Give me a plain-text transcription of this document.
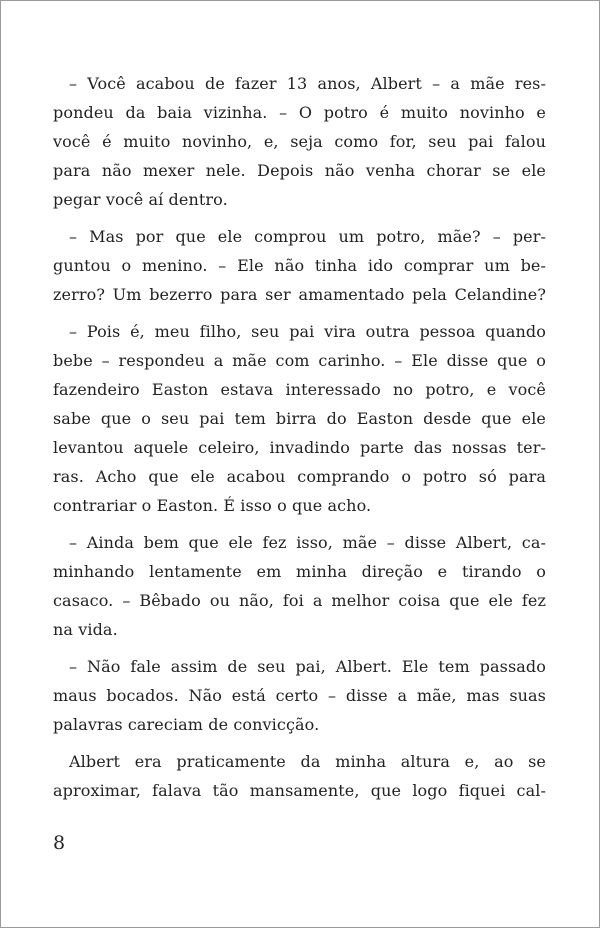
– Você acabou de fazer 13 anos, Albert – a mãe res-
pondeu da baia vizinha. – O potro é muito novinho e
você é muito novinho, e, seja como for, seu pai falou
para não mexer nele. Depois não venha chorar se ele
pegar você aí dentro.
– Mas por que ele comprou um potro, mãe? – per-
guntou o menino. – Ele não tinha ido comprar um be-
zerro? Um bezerro para ser amamentado pela Celandine?
– Pois é, meu filho, seu pai vira outra pessoa quando
bebe – respondeu a mãe com carinho. – Ele disse que o
fazendeiro Easton estava interessado no potro, e você
sabe que o seu pai tem birra do Easton desde que ele
levantou aquele celeiro, invadindo parte das nossas ter-
ras. Acho que ele acabou comprando o potro só para
contrariar o Easton. É isso o que acho.
– Ainda bem que ele fez isso, mãe – disse Albert, ca-
minhando lentamente em minha direção e tirando o
casaco. – Bêbado ou não, foi a melhor coisa que ele fez
na vida.
– Não fale assim de seu pai, Albert. Ele tem passado
maus bocados. Não está certo – disse a mãe, mas suas
palavras careciam de convicção.
Albert era praticamente da minha altura e, ao se
aproximar, falava tão mansamente, que logo fiquei cal-
8
